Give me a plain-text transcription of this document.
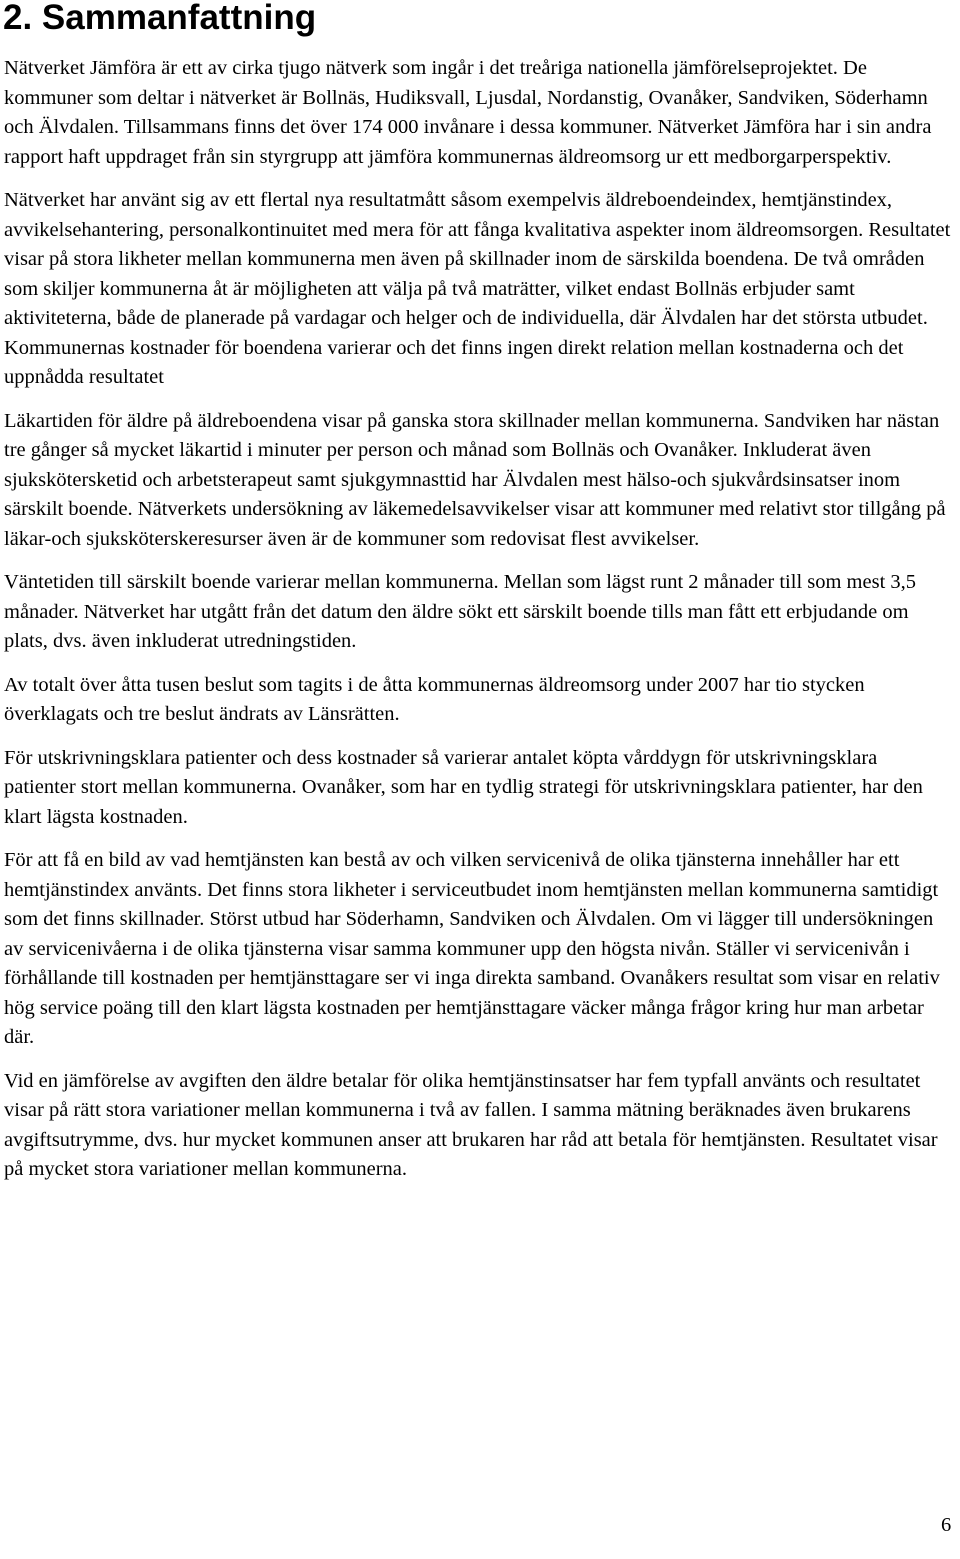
2. Sammanfattning

Nätverket Jämföra är ett av cirka tjugo nätverk som ingår i det treåriga nationella jämförelseprojektet. De kommuner som deltar i nätverket är Bollnäs, Hudiksvall, Ljusdal, Nordanstig, Ovanåker, Sandviken, Söderhamn och Älvdalen. Tillsammans finns det över 174 000 invånare i dessa kommuner. Nätverket Jämföra har i sin andra rapport haft uppdraget från sin styrgrupp att jämföra kommunernas äldreomsorg ur ett medborgarperspektiv.

Nätverket har använt sig av ett flertal nya resultatmått såsom exempelvis äldreboendeindex, hemtjänstindex, avvikelsehantering, personalkontinuitet med mera för att fånga kvalitativa aspekter inom äldreomsorgen. Resultatet visar på stora likheter mellan kommunerna men även på skillnader inom de särskilda boendena. De två områden som skiljer kommunerna åt är möjligheten att välja på två maträtter, vilket endast Bollnäs erbjuder samt aktiviteterna, både de planerade på vardagar och helger och de individuella, där Älvdalen har det största utbudet. Kommunernas kostnader för boendena varierar och det finns ingen direkt relation mellan kostnaderna och det uppnådda resultatet

Läkartiden för äldre på äldreboendena visar på ganska stora skillnader mellan kommunerna. Sandviken har nästan tre gånger så mycket läkartid i minuter per person och månad som Bollnäs och Ovanåker. Inkluderat även sjukskötersketid och arbetsterapeut samt sjukgymnasttid har Älvdalen mest hälso-och sjukvårdsinsatser inom särskilt boende. Nätverkets undersökning av läkemedelsavvikelser visar att kommuner med relativt stor tillgång på läkar-och sjuksköterskeresurser även är de kommuner som redovisat flest avvikelser.

Väntetiden till särskilt boende varierar mellan kommunerna. Mellan som lägst runt 2 månader till som mest 3,5 månader. Nätverket har utgått från det datum den äldre sökt ett särskilt boende tills man fått ett erbjudande om plats, dvs. även inkluderat utredningstiden.

Av totalt över åtta tusen beslut som tagits i de åtta kommunernas äldreomsorg under 2007 har tio stycken överklagats och tre beslut ändrats av Länsrätten.

För utskrivningsklara patienter och dess kostnader så varierar antalet köpta vårddygn för utskrivningsklara patienter stort mellan kommunerna. Ovanåker, som har en tydlig strategi för utskrivningsklara patienter, har den klart lägsta kostnaden.

För att få en bild av vad hemtjänsten kan bestå av och vilken servicenivå de olika tjänsterna innehåller har ett hemtjänstindex använts. Det finns stora likheter i serviceutbudet inom hemtjänsten mellan kommunerna samtidigt som det finns skillnader. Störst utbud har Söderhamn, Sandviken och Älvdalen. Om vi lägger till undersökningen av servicenivåerna i de olika tjänsterna visar samma kommuner upp den högsta nivån. Ställer vi servicenivån i förhållande till kostnaden per hemtjänsttagare ser vi inga direkta samband. Ovanåkers resultat som visar en relativ hög service poäng till den klart lägsta kostnaden per hemtjänsttagare väcker många frågor kring hur man arbetar där.

Vid en jämförelse av avgiften den äldre betalar för olika hemtjänstinsatser har fem typfall använts och resultatet visar på rätt stora variationer mellan kommunerna i två av fallen. I samma mätning beräknades även brukarens avgiftsutrymme, dvs. hur mycket kommunen anser att brukaren har råd att betala för hemtjänsten. Resultatet visar på mycket stora variationer mellan kommunerna.

6
